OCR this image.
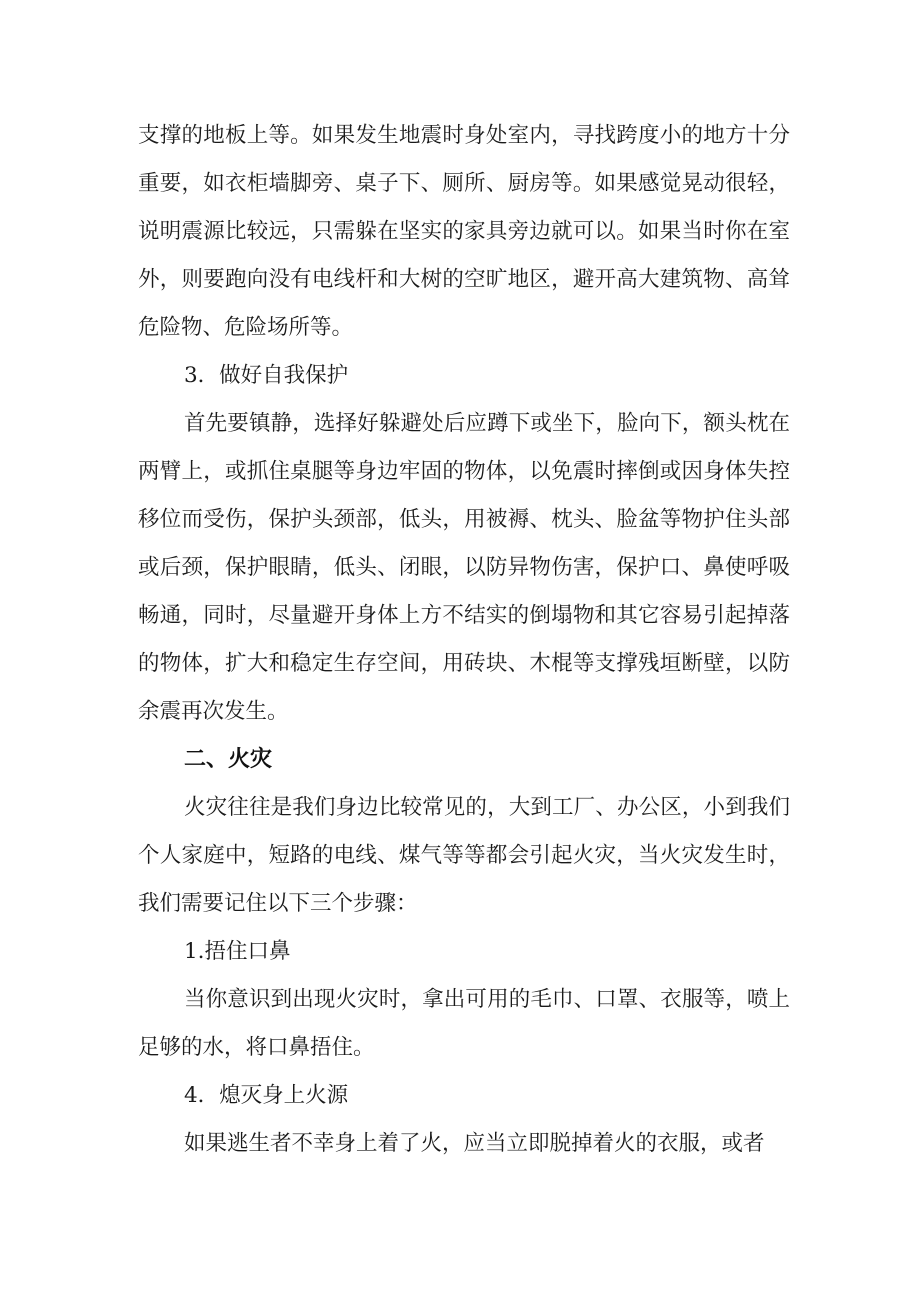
支撑的地板上等。如果发生地震时身处室内，寻找跨度小的地方十分重要，如衣柜墙脚旁、桌子下、厕所、厨房等。如果感觉晃动很轻，说明震源比较远，只需躲在坚实的家具旁边就可以。如果当时你在室外，则要跑向没有电线杆和大树的空旷地区，避开高大建筑物、高耸危险物、危险场所等。

3．做好自我保护

首先要镇静，选择好躲避处后应蹲下或坐下，脸向下，额头枕在两臂上，或抓住桌腿等身边牢固的物体，以免震时摔倒或因身体失控移位而受伤，保护头颈部，低头，用被褥、枕头、脸盆等物护住头部或后颈，保护眼睛，低头、闭眼，以防异物伤害，保护口、鼻使呼吸畅通，同时，尽量避开身体上方不结实的倒塌物和其它容易引起掉落的物体，扩大和稳定生存空间，用砖块、木棍等支撑残垣断壁，以防余震再次发生。

二、火灾

火灾往往是我们身边比较常见的，大到工厂、办公区，小到我们个人家庭中，短路的电线、煤气等等都会引起火灾，当火灾发生时，我们需要记住以下三个步骤：

1.捂住口鼻

当你意识到出现火灾时，拿出可用的毛巾、口罩、衣服等，喷上足够的水，将口鼻捂住。

4．熄灭身上火源

如果逃生者不幸身上着了火，应当立即脱掉着火的衣服，或者
